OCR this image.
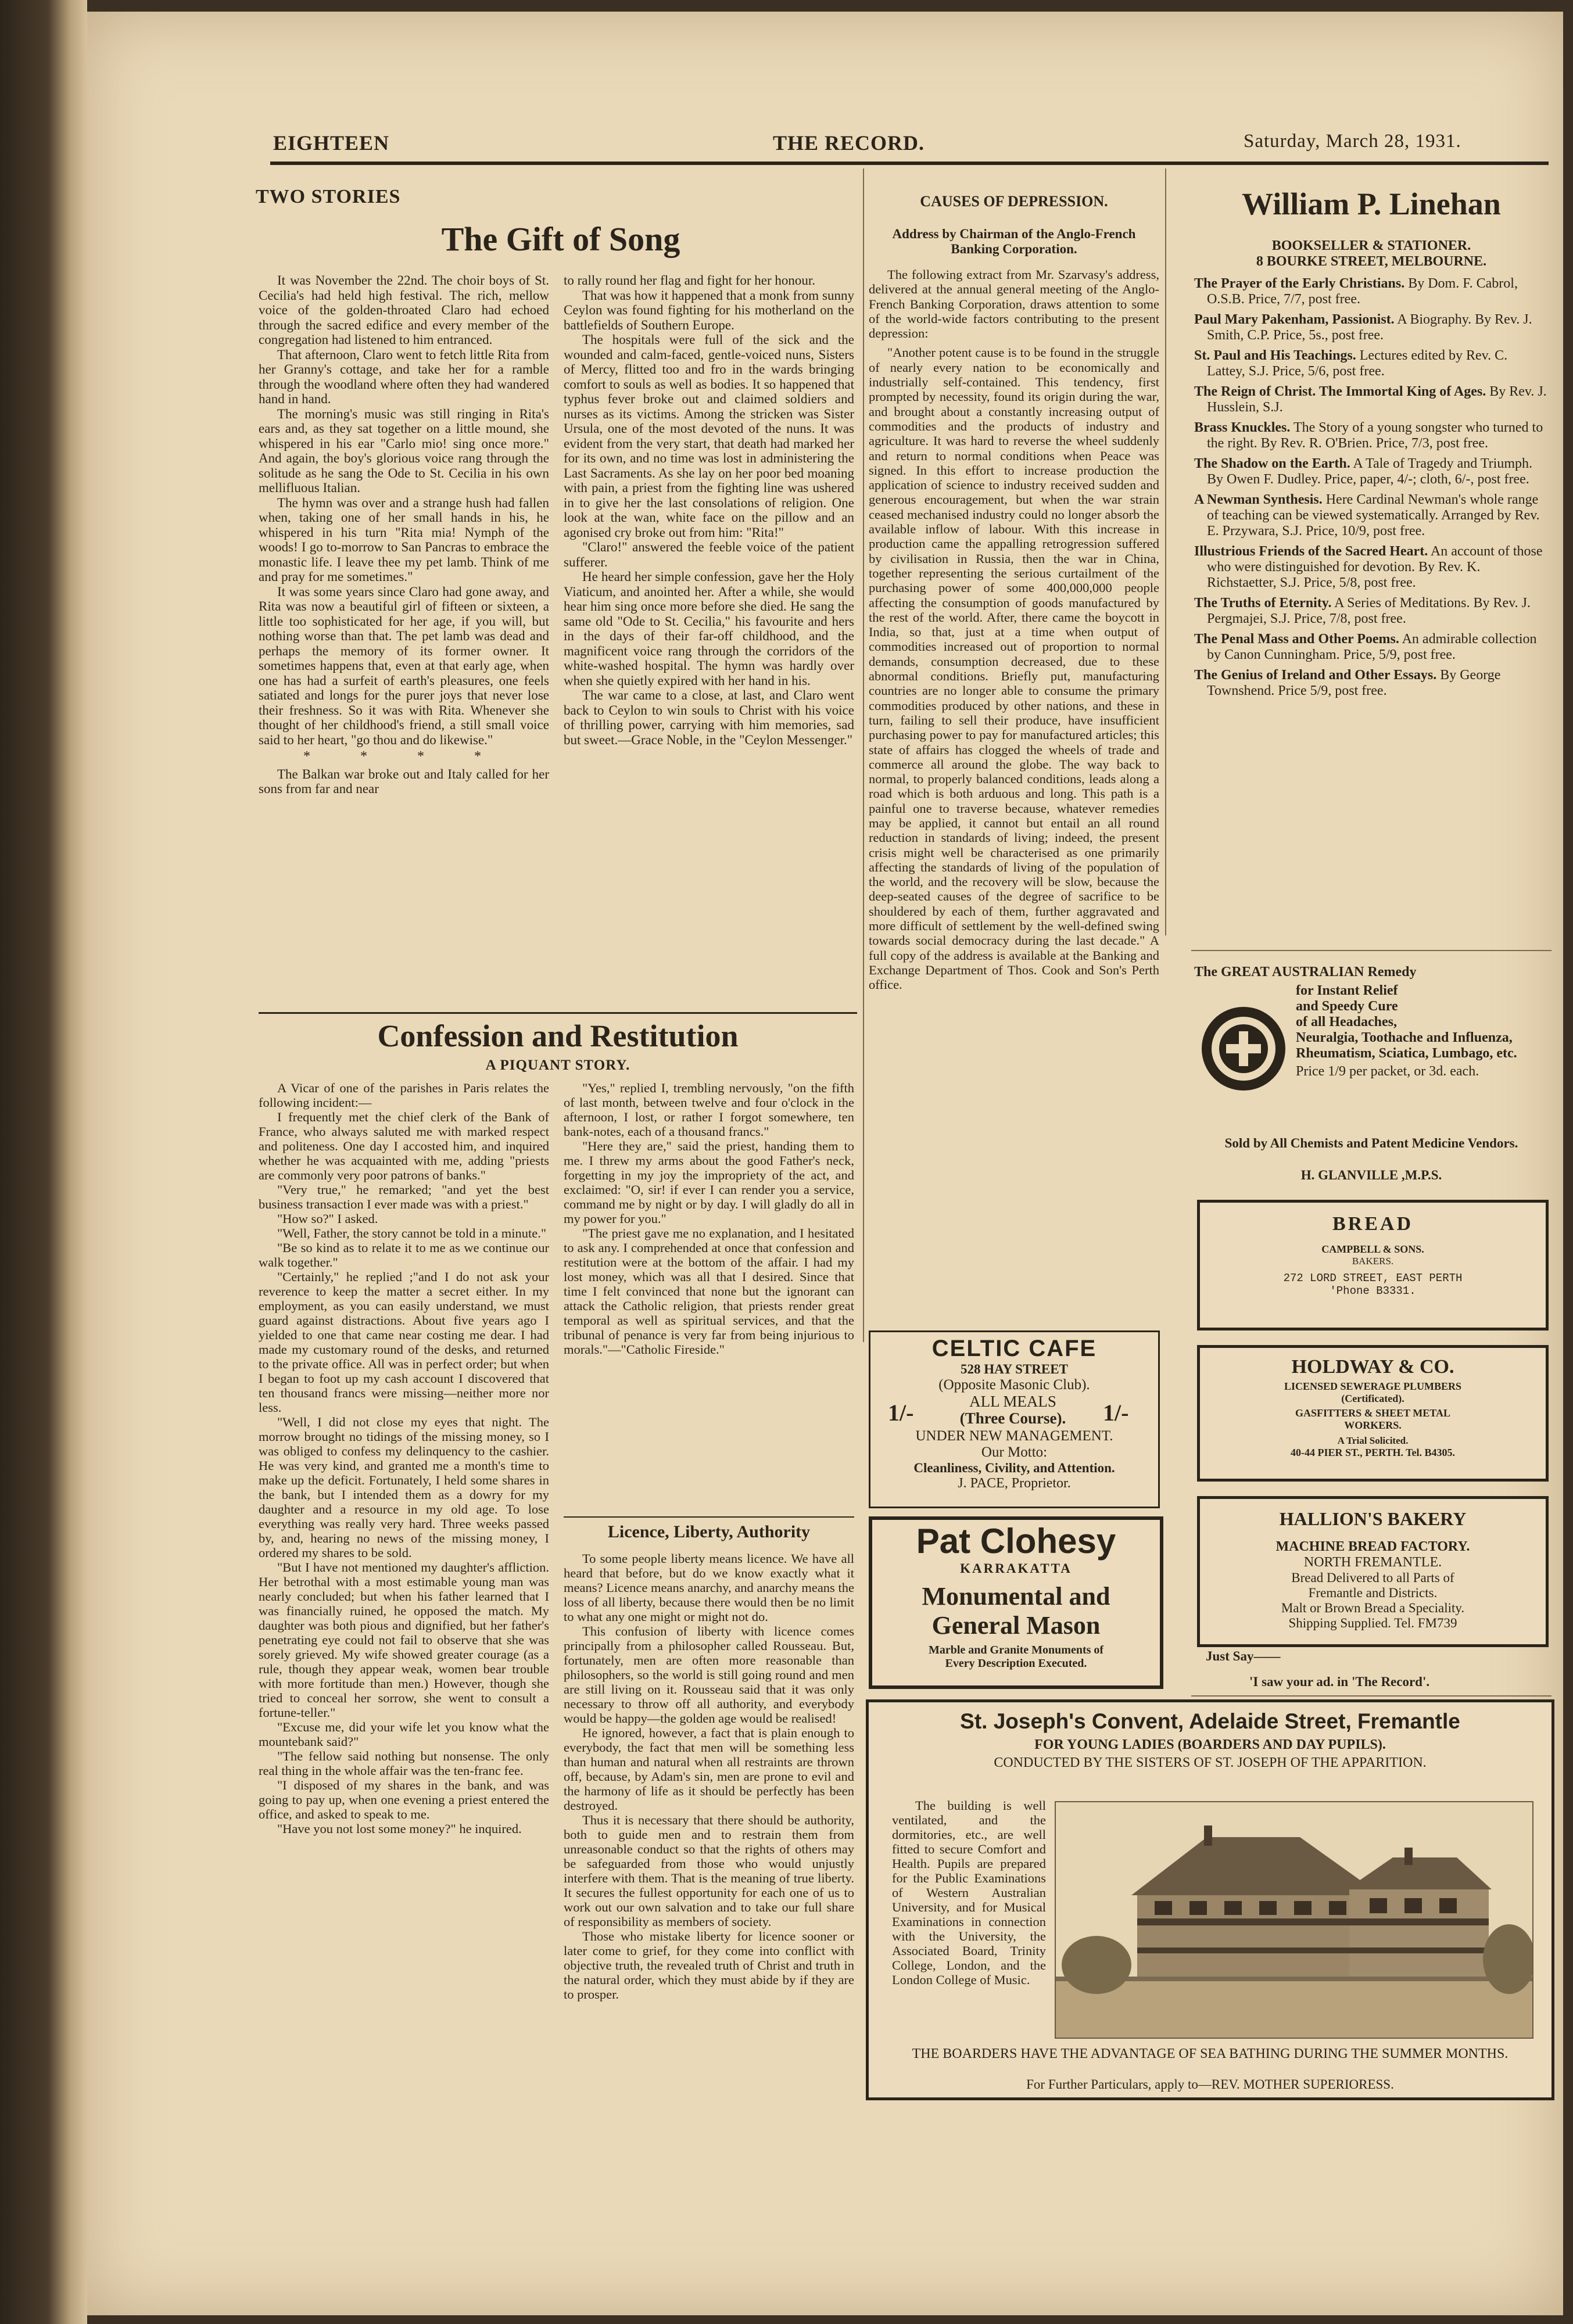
EIGHTEEN	THE RECORD.	Saturday, March 28, 1931.
TWO STORIES
The Gift of Song

It was November the 22nd. The choir boys of St. Cecilia's had held high festival. The rich, mellow voice of the golden-throated Claro had echoed through the sacred edifice and every member of the congregation had listened to him entranced.

That afternoon, Claro went to fetch little Rita from her Granny's cottage, and take her for a ramble through the woodland where often they had wandered hand in hand.

The morning's music was still ringing in Rita's ears and, as they sat together on a little mound, she whispered in his ear "Carlo mio! sing once more." And again, the boy's glorious voice rang through the solitude as he sang the Ode to St. Cecilia in his own mellifluous Italian.

The hymn was over and a strange hush had fallen when, taking one of her small hands in his, he whispered in his turn "Rita mia! Nymph of the woods! I go to-morrow to San Pancras to embrace the monastic life. I leave thee my pet lamb. Think of me and pray for me sometimes."

It was some years since Claro had gone away, and Rita was now a beautiful girl of fifteen or sixteen, a little too sophisticated for her age, if you will, but nothing worse than that. The pet lamb was dead and perhaps the memory of its former owner. It sometimes happens that, even at that early age, when one has had a surfeit of earth's pleasures, one feels satiated and longs for the purer joys that never lose their freshness. So it was with Rita. Whenever she thought of her childhood's friend, a still small voice said to her heart, "go thou and do likewise."

* * * *

The Balkan war broke out and Italy called for her sons from far and near

to rally round her flag and fight for her honour.

That was how it happened that a monk from sunny Ceylon was found fighting for his motherland on the battlefields of Southern Europe.

The hospitals were full of the sick and the wounded and calm-faced, gentle-voiced nuns, Sisters of Mercy, flitted too and fro in the wards bringing comfort to souls as well as bodies. It so happened that typhus fever broke out and claimed soldiers and nurses as its victims. Among the stricken was Sister Ursula, one of the most devoted of the nuns. It was evident from the very start, that death had marked her for its own, and no time was lost in administering the Last Sacraments. As she lay on her poor bed moaning with pain, a priest from the fighting line was ushered in to give her the last consolations of religion. One look at the wan, white face on the pillow and an agonised cry broke out from him: "Rita!"

"Claro!" answered the feeble voice of the patient sufferer.

He heard her simple confession, gave her the Holy Viaticum, and anointed her. After a while, she would hear him sing once more before she died. He sang the same old "Ode to St. Cecilia," his favourite and hers in the days of their far-off childhood, and the magnificent voice rang through the corridors of the white-washed hospital. The hymn was hardly over when she quietly expired with her hand in his.

The war came to a close, at last, and Claro went back to Ceylon to win souls to Christ with his voice of thrilling power, carrying with him memories, sad but sweet.—Grace Noble, in the "Ceylon Messenger."

Confession and Restitution
A PIQUANT STORY.

A Vicar of one of the parishes in Paris relates the following incident:—

I frequently met the chief clerk of the Bank of France, who always saluted me with marked respect and politeness. One day I accosted him, and inquired whether he was acquainted with me, adding "priests are commonly very poor patrons of banks."

"Very true," he remarked; "and yet the best business transaction I ever made was with a priest."

"How so?" I asked.

"Well, Father, the story cannot be told in a minute."

"Be so kind as to relate it to me as we continue our walk together."

"Certainly," he replied ;"and I do not ask your reverence to keep the matter a secret either. In my employment, as you can easily understand, we must guard against distractions. About five years ago I yielded to one that came near costing me dear. I had made my customary round of the desks, and returned to the private office. All was in perfect order; but when I began to foot up my cash account I discovered that ten thousand francs were missing—neither more nor less.

"Well, I did not close my eyes that night. The morrow brought no tidings of the missing money, so I was obliged to confess my delinquency to the cashier. He was very kind, and granted me a month's time to make up the deficit. Fortunately, I held some shares in the bank, but I intended them as a dowry for my daughter and a resource in my old age. To lose everything was really very hard. Three weeks passed by, and, hearing no news of the missing money, I ordered my shares to be sold.

"But I have not mentioned my daughter's affliction. Her betrothal with a most estimable young man was nearly concluded; but when his father learned that I was financially ruined, he opposed the match. My daughter was both pious and dignified, but her father's penetrating eye could not fail to observe that she was sorely grieved. My wife showed greater courage (as a rule, though they appear weak, women bear trouble with more fortitude than men.) However, though she tried to conceal her sorrow, she went to consult a fortune-teller."

"Excuse me, did your wife let you know what the mountebank said?"

"The fellow said nothing but nonsense. The only real thing in the whole affair was the ten-franc fee.

"I disposed of my shares in the bank, and was going to pay up, when one evening a priest entered the office, and asked to speak to me.

"Have you not lost some money?" he inquired.

"Yes," replied I, trembling nervously, "on the fifth of last month, between twelve and four o'clock in the afternoon, I lost, or rather I forgot somewhere, ten bank-notes, each of a thousand francs."

"Here they are," said the priest, handing them to me. I threw my arms about the good Father's neck, forgetting in my joy the impropriety of the act, and exclaimed: "O, sir! if ever I can render you a service, command me by night or by day. I will gladly do all in my power for you."

"The priest gave me no explanation, and I hesitated to ask any. I comprehended at once that confession and restitution were at the bottom of the affair. I had my lost money, which was all that I desired. Since that time I felt convinced that none but the ignorant can attack the Catholic religion, that priests render great temporal as well as spiritual services, and that the tribunal of penance is very far from being injurious to morals."—"Catholic Fireside."

Licence, Liberty, Authority

To some people liberty means licence. We have all heard that before, but do we know exactly what it means? Licence means anarchy, and anarchy means the loss of all liberty, because there would then be no limit to what any one might or might not do.

This confusion of liberty with licence comes principally from a philosopher called Rousseau. But, fortunately, men are often more reasonable than philosophers, so the world is still going round and men are still living on it. Rousseau said that it was only necessary to throw off all authority, and everybody would be happy—the golden age would be realised!

He ignored, however, a fact that is plain enough to everybody, the fact that men will be something less than human and natural when all restraints are thrown off, because, by Adam's sin, men are prone to evil and the harmony of life as it should be perfectly has been destroyed.

Thus it is necessary that there should be authority, both to guide men and to restrain them from unreasonable conduct so that the rights of others may be safeguarded from those who would unjustly interfere with them. That is the meaning of true liberty. It secures the fullest opportunity for each one of us to work out our own salvation and to take our full share of responsibility as members of society.

Those who mistake liberty for licence sooner or later come to grief, for they come into conflict with objective truth, the revealed truth of Christ and truth in the natural order, which they must abide by if they are to prosper.

CAUSES OF DEPRESSION.
Address by Chairman of the Anglo-French Banking Corporation.

The following extract from Mr. Szarvasy's address, delivered at the annual general meeting of the Anglo-French Banking Corporation, draws attention to some of the world-wide factors contributing to the present depression:

"Another potent cause is to be found in the struggle of nearly every nation to be economically and industrially self-contained. This tendency, first prompted by necessity, found its origin during the war, and brought about a constantly increasing output of commodities and the products of industry and agriculture. It was hard to reverse the wheel suddenly and return to normal conditions when Peace was signed. In this effort to increase production the application of science to industry received sudden and generous encouragement, but when the war strain ceased mechanised industry could no longer absorb the available inflow of labour. With this increase in production came the appalling retrogression suffered by civilisation in Russia, then the war in China, together representing the serious curtailment of the purchasing power of some 400,000,000 people affecting the consumption of goods manufactured by the rest of the world. After, there came the boycott in India, so that, just at a time when output of commodities increased out of proportion to normal demands, consumption decreased, due to these abnormal conditions. Briefly put, manufacturing countries are no longer able to consume the primary commodities produced by other nations, and these in turn, failing to sell their produce, have insufficient purchasing power to pay for manufactured articles; this state of affairs has clogged the wheels of trade and commerce all around the globe. The way back to normal, to properly balanced conditions, leads along a road which is both arduous and long. This path is a painful one to traverse because, whatever remedies may be applied, it cannot but entail an all round reduction in standards of living; indeed, the present crisis might well be characterised as one primarily affecting the standards of living of the population of the world, and the recovery will be slow, because the deep-seated causes of the degree of sacrifice to be shouldered by each of them, further aggravated and more difficult of settlement by the well-defined swing towards social democracy during the last decade." A full copy of the address is available at the Banking and Exchange Department of Thos. Cook and Son's Perth office.

CELTIC CAFE
528 HAY STREET
(Opposite Masonic Club).
1/-	ALL MEALS
(Three Course).	1/-
UNDER NEW MANAGEMENT.
Our Motto:
Cleanliness, Civility, and Attention.
J. PACE, Proprietor.
Pat Clohesy
KARRAKATTA
Monumental and
General Mason
Marble and Granite Monuments of
Every Description Executed.
William P. Linehan
BOOKSELLER & STATIONER.
8 BOURKE STREET, MELBOURNE.
The Prayer of the Early Christians. By Dom. F. Cabrol, O.S.B. Price, 7/7, post free.
Paul Mary Pakenham, Passionist. A Biography. By Rev. J. Smith, C.P. Price, 5s., post free.
St. Paul and His Teachings. Lectures edited by Rev. C. Lattey, S.J. Price, 5/6, post free.
The Reign of Christ. The Immortal King of Ages. By Rev. J. Husslein, S.J.
Brass Knuckles. The Story of a young songster who turned to the right. By Rev. R. O'Brien. Price, 7/3, post free.
The Shadow on the Earth. A Tale of Tragedy and Triumph. By Owen F. Dudley. Price, paper, 4/-; cloth, 6/-, post free.
A Newman Synthesis. Here Cardinal Newman's whole range of teaching can be viewed systematically. Arranged by Rev. E. Przywara, S.J. Price, 10/9, post free.
Illustrious Friends of the Sacred Heart. An account of those who were distinguished for devotion. By Rev. K. Richstaetter, S.J. Price, 5/8, post free.
The Truths of Eternity. A Series of Meditations. By Rev. J. Pergmajei, S.J. Price, 7/8, post free.
The Penal Mass and Other Poems. An admirable collection by Canon Cunningham. Price, 5/9, post free.
The Genius of Ireland and Other Essays. By George Townshend. Price 5/9, post free.
The GREAT AUSTRALIAN Remedy
for Instant Relief
and Speedy Cure
of all Headaches,
Neuralgia, Toothache and Influenza,
Rheumatism, Sciatica, Lumbago, etc.
Price 1/9 per packet, or 3d. each.
Sold by All Chemists and Patent Medicine Vendors.
H. GLANVILLE ,M.P.S.
BREAD
CAMPBELL & SONS.
BAKERS.
272 LORD STREET, EAST PERTH
'Phone B3331.
HOLDWAY & CO.
LICENSED SEWERAGE PLUMBERS
(Certificated).
GASFITTERS & SHEET METAL
WORKERS.
A Trial Solicited.
40-44 PIER ST., PERTH. Tel. B4305.
HALLION'S BAKERY
MACHINE BREAD FACTORY.
NORTH FREMANTLE.
Bread Delivered to all Parts of
Fremantle and Districts.
Malt or Brown Bread a Speciality.
Shipping Supplied. Tel. FM739
Just Say——
'I saw your ad. in 'The Record'.
St. Joseph's Convent, Adelaide Street, Fremantle
FOR YOUNG LADIES (BOARDERS AND DAY PUPILS).
CONDUCTED BY THE SISTERS OF ST. JOSEPH OF THE APPARITION.
The building is well ventilated, and the dormitories, etc., are well fitted to secure Comfort and Health. Pupils are prepared for the Public Examinations of Western Australian University, and for Musical Examinations in connection with the University, the Associated Board, Trinity College, London, and the London College of Music.
THE BOARDERS HAVE THE ADVANTAGE OF SEA BATHING DURING THE SUMMER MONTHS.
For Further Particulars, apply to—REV. MOTHER SUPERIORESS.
